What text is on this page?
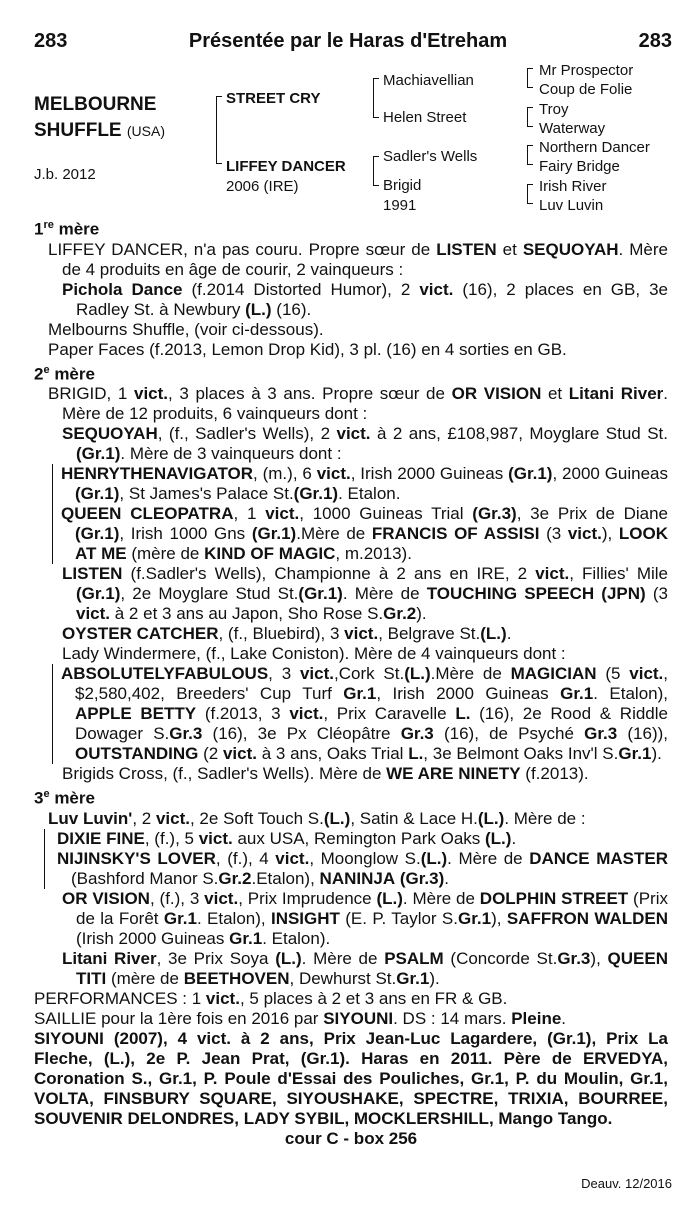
283	Présentée par le Haras d'Etreham	283
MELBOURNE
SHUFFLE (USA)
J.b. 2012
STREET CRY
LIFFEY DANCER
2006 (IRE)
Machiavellian
Helen Street
Sadler's Wells
Brigid
1991
Mr Prospector
Coup de Folie
Troy
Waterway
Northern Dancer
Fairy Bridge
Irish River
Luv Luvin
1re mère
LIFFEY DANCER, n'a pas couru. Propre sœur de LISTEN et SEQUOYAH. Mère de 4 produits en âge de courir, 2 vainqueurs :
Pichola Dance (f.2014 Distorted Humor), 2 vict. (16), 2 places en GB, 3e Radley St. à Newbury (L.) (16).
Melbourns Shuffle, (voir ci-dessous).
Paper Faces (f.2013, Lemon Drop Kid), 3 pl. (16) en 4 sorties en GB.
2e mère
BRIGID, 1 vict., 3 places à 3 ans. Propre sœur de OR VISION et Litani River. Mère de 12 produits, 6 vainqueurs dont :
SEQUOYAH, (f., Sadler's Wells), 2 vict. à 2 ans, £108,987, Moyglare Stud St.(Gr.1). Mère de 3 vainqueurs dont :
HENRYTHENAVIGATOR, (m.), 6 vict., Irish 2000 Guineas (Gr.1), 2000 Guineas (Gr.1), St James's Palace St.(Gr.1). Etalon.
QUEEN CLEOPATRA, 1 vict., 1000 Guineas Trial (Gr.3), 3e Prix de Diane (Gr.1), Irish 1000 Gns (Gr.1).Mère de FRANCIS OF ASSISI (3 vict.), LOOK AT ME (mère de KIND OF MAGIC, m.2013).
LISTEN (f.Sadler's Wells), Championne à 2 ans en IRE, 2 vict., Fillies' Mile (Gr.1), 2e Moyglare Stud St.(Gr.1). Mère de TOUCHING SPEECH (JPN) (3 vict. à 2 et 3 ans au Japon, Sho Rose S.Gr.2).
OYSTER CATCHER, (f., Bluebird), 3 vict., Belgrave St.(L.).
Lady Windermere, (f., Lake Coniston). Mère de 4 vainqueurs dont :
ABSOLUTELYFABULOUS, 3 vict.,Cork St.(L.).Mère de MAGICIAN (5 vict., $2,580,402, Breeders' Cup Turf Gr.1, Irish 2000 Guineas Gr.1. Etalon), APPLE BETTY (f.2013, 3 vict., Prix Caravelle L. (16), 2e Rood & Riddle Dowager S.Gr.3 (16), 3e Px Cléopâtre Gr.3 (16), de Psyché Gr.3 (16)), OUTSTANDING (2 vict. à 3 ans, Oaks Trial L., 3e Belmont Oaks Inv'l S.Gr.1).
Brigids Cross, (f., Sadler's Wells). Mère de WE ARE NINETY (f.2013).
3e mère
Luv Luvin', 2 vict., 2e Soft Touch S.(L.), Satin & Lace H.(L.). Mère de :
DIXIE FINE, (f.), 5 vict. aux USA, Remington Park Oaks (L.).
NIJINSKY'S LOVER, (f.), 4 vict., Moonglow S.(L.). Mère de DANCE MASTER (Bashford Manor S.Gr.2.Etalon), NANINJA (Gr.3).
OR VISION, (f.), 3 vict., Prix Imprudence (L.). Mère de DOLPHIN STREET (Prix de la Forêt Gr.1. Etalon), INSIGHT (E. P. Taylor S.Gr.1), SAFFRON WALDEN (Irish 2000 Guineas Gr.1. Etalon).
Litani River, 3e Prix Soya (L.). Mère de PSALM (Concorde St.Gr.3), QUEEN TITI (mère de BEETHOVEN, Dewhurst St.Gr.1).
PERFORMANCES : 1 vict., 5 places à 2 et 3 ans en FR & GB.
SAILLIE pour la 1ère fois en 2016 par SIYOUNI. DS : 14 mars. Pleine.
SIYOUNI (2007), 4 vict. à 2 ans, Prix Jean-Luc Lagardere, (Gr.1), Prix La Fleche, (L.), 2e P. Jean Prat, (Gr.1). Haras en 2011. Père de ERVEDYA, Coronation S., Gr.1, P. Poule d'Essai des Pouliches, Gr.1, P. du Moulin, Gr.1, VOLTA, FINSBURY SQUARE, SIYOUSHAKE, SPECTRE, TRIXIA, BOURREE, SOUVENIR DELONDRES, LADY SYBIL, MOCKLERSHILL, Mango Tango.
cour C - box 256
Deauv. 12/2016
